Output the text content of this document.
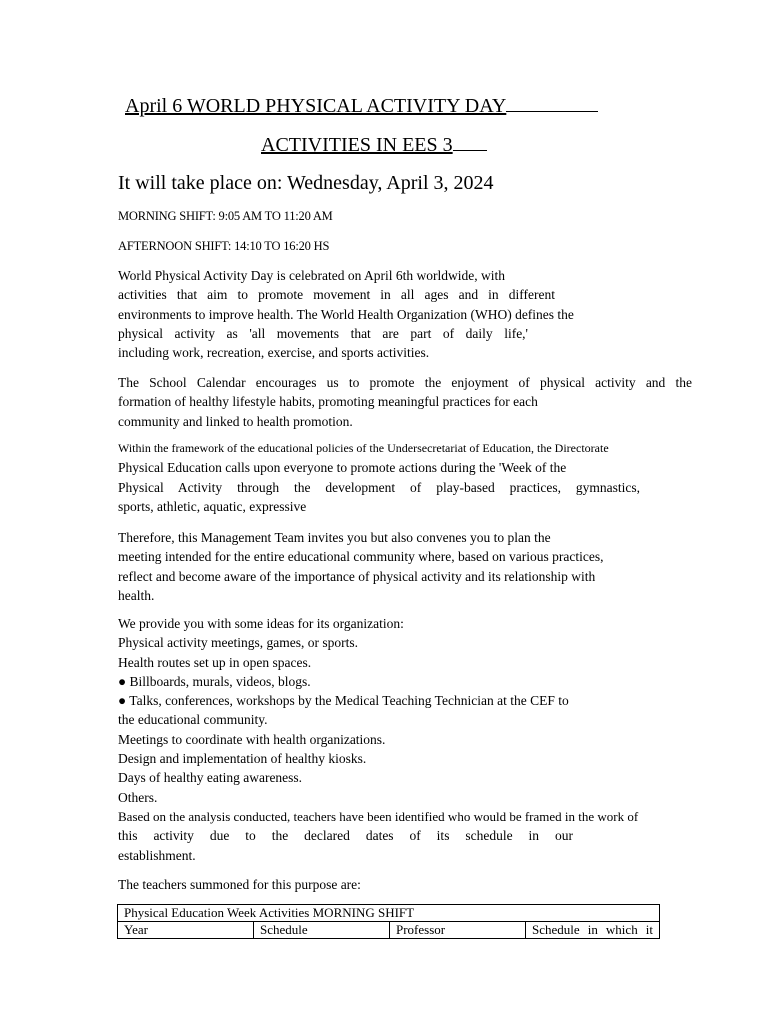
April 6 WORLD PHYSICAL ACTIVITY DAY
ACTIVITIES IN EES 3
It will take place on: Wednesday, April 3, 2024
MORNING SHIFT: 9:05 AM TO 11:20 AM
AFTERNOON SHIFT: 14:10 TO 16:20 HS
World Physical Activity Day is celebrated on April 6th worldwide, with
activities that aim to promote movement in all ages and in different
environments to improve health. The World Health Organization (WHO) defines the
physical activity as 'all movements that are part of daily life,'
including work, recreation, exercise, and sports activities.
The School Calendar encourages us to promote the enjoyment of physical activity and the
formation of healthy lifestyle habits, promoting meaningful practices for each
community and linked to health promotion.
Within the framework of the educational policies of the Undersecretariat of Education, the Directorate
Physical Education calls upon everyone to promote actions during the 'Week of the
Physical Activity through the development of play-based practices, gymnastics,
sports, athletic, aquatic, expressive
Therefore, this Management Team invites you but also convenes you to plan the
meeting intended for the entire educational community where, based on various practices,
reflect and become aware of the importance of physical activity and its relationship with
health.
We provide you with some ideas for its organization:
Physical activity meetings, games, or sports.
Health routes set up in open spaces.
● Billboards, murals, videos, blogs.
● Talks, conferences, workshops by the Medical Teaching Technician at the CEF to
the educational community.
Meetings to coordinate with health organizations.
Design and implementation of healthy kiosks.
Days of healthy eating awareness.
Others.
Based on the analysis conducted, teachers have been identified who would be framed in the work of
this activity due to the declared dates of its schedule in our
establishment.
The teachers summoned for this purpose are:
Physical Education Week Activities MORNING SHIFT
Year	Schedule	Professor	Schedule in which it
